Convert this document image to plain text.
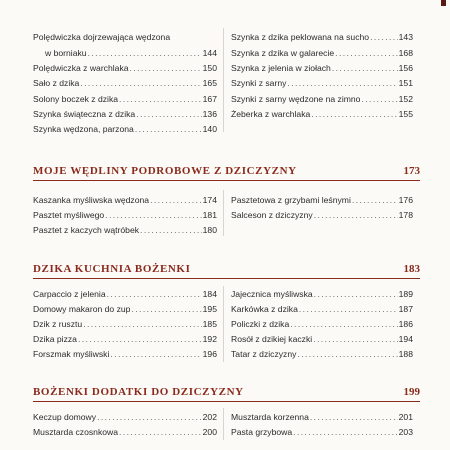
Polędwiczka dojrzewająca wędzona
w borniaku .....	144
Polędwiczka z warchlaka .....	150
Sało z dzika .....	165
Solony boczek z dzika .....	167
Szynka świąteczna z dzika .....	136
Szynka wędzona, parzona .....	140
Szynka z dzika peklowana na sucho .....	143
Szynka z dzika w galarecie .....	168
Szynka z jelenia w ziołach .....	156
Szynki z sarny .....	151
Szynki z sarny wędzone na zimno .....	152
Żeberka z warchlaka .....	155
MOJE WĘDLINY PODROBOWE Z DZICZYZNY	173
Kaszanka myśliwska wędzona .....	174
Pasztet myśliwego .....	181
Pasztet z kaczych wątróbek .....	180
Pasztetowa z grzybami leśnymi .....	176
Salceson z dziczyzny .....	178
DZIKA KUCHNIA BOŻENKI	183
Carpaccio z jelenia .....	184
Domowy makaron do zup .....	195
Dzik z rusztu .....	185
Dzika pizza .....	192
Forszmak myśliwski .....	196
Jajecznica myśliwska .....	189
Karkówka z dzika .....	187
Policzki z dzika .....	186
Rosół z dzikiej kaczki .....	194
Tatar z dziczyzny .....	188
BOŻENKI DODATKI DO DZICZYZNY	199
Keczup domowy .....	202
Musztarda czosnkowa .....	200
Musztarda korzenna .....	201
Pasta grzybowa .....	203
